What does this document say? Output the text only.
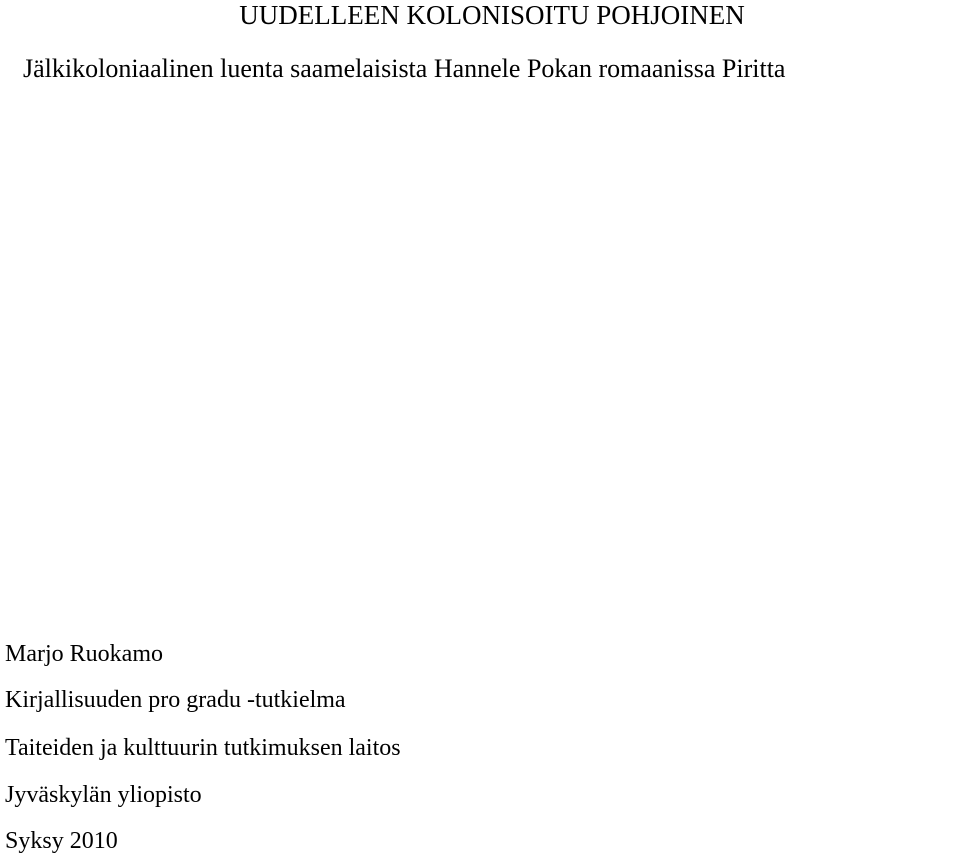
UUDELLEEN KOLONISOITU POHJOINEN
Jälkikoloniaalinen luenta saamelaisista Hannele Pokan romaanissa Piritta
Marjo Ruokamo
Kirjallisuuden pro gradu -tutkielma
Taiteiden ja kulttuurin tutkimuksen laitos
Jyväskylän yliopisto
Syksy 2010
